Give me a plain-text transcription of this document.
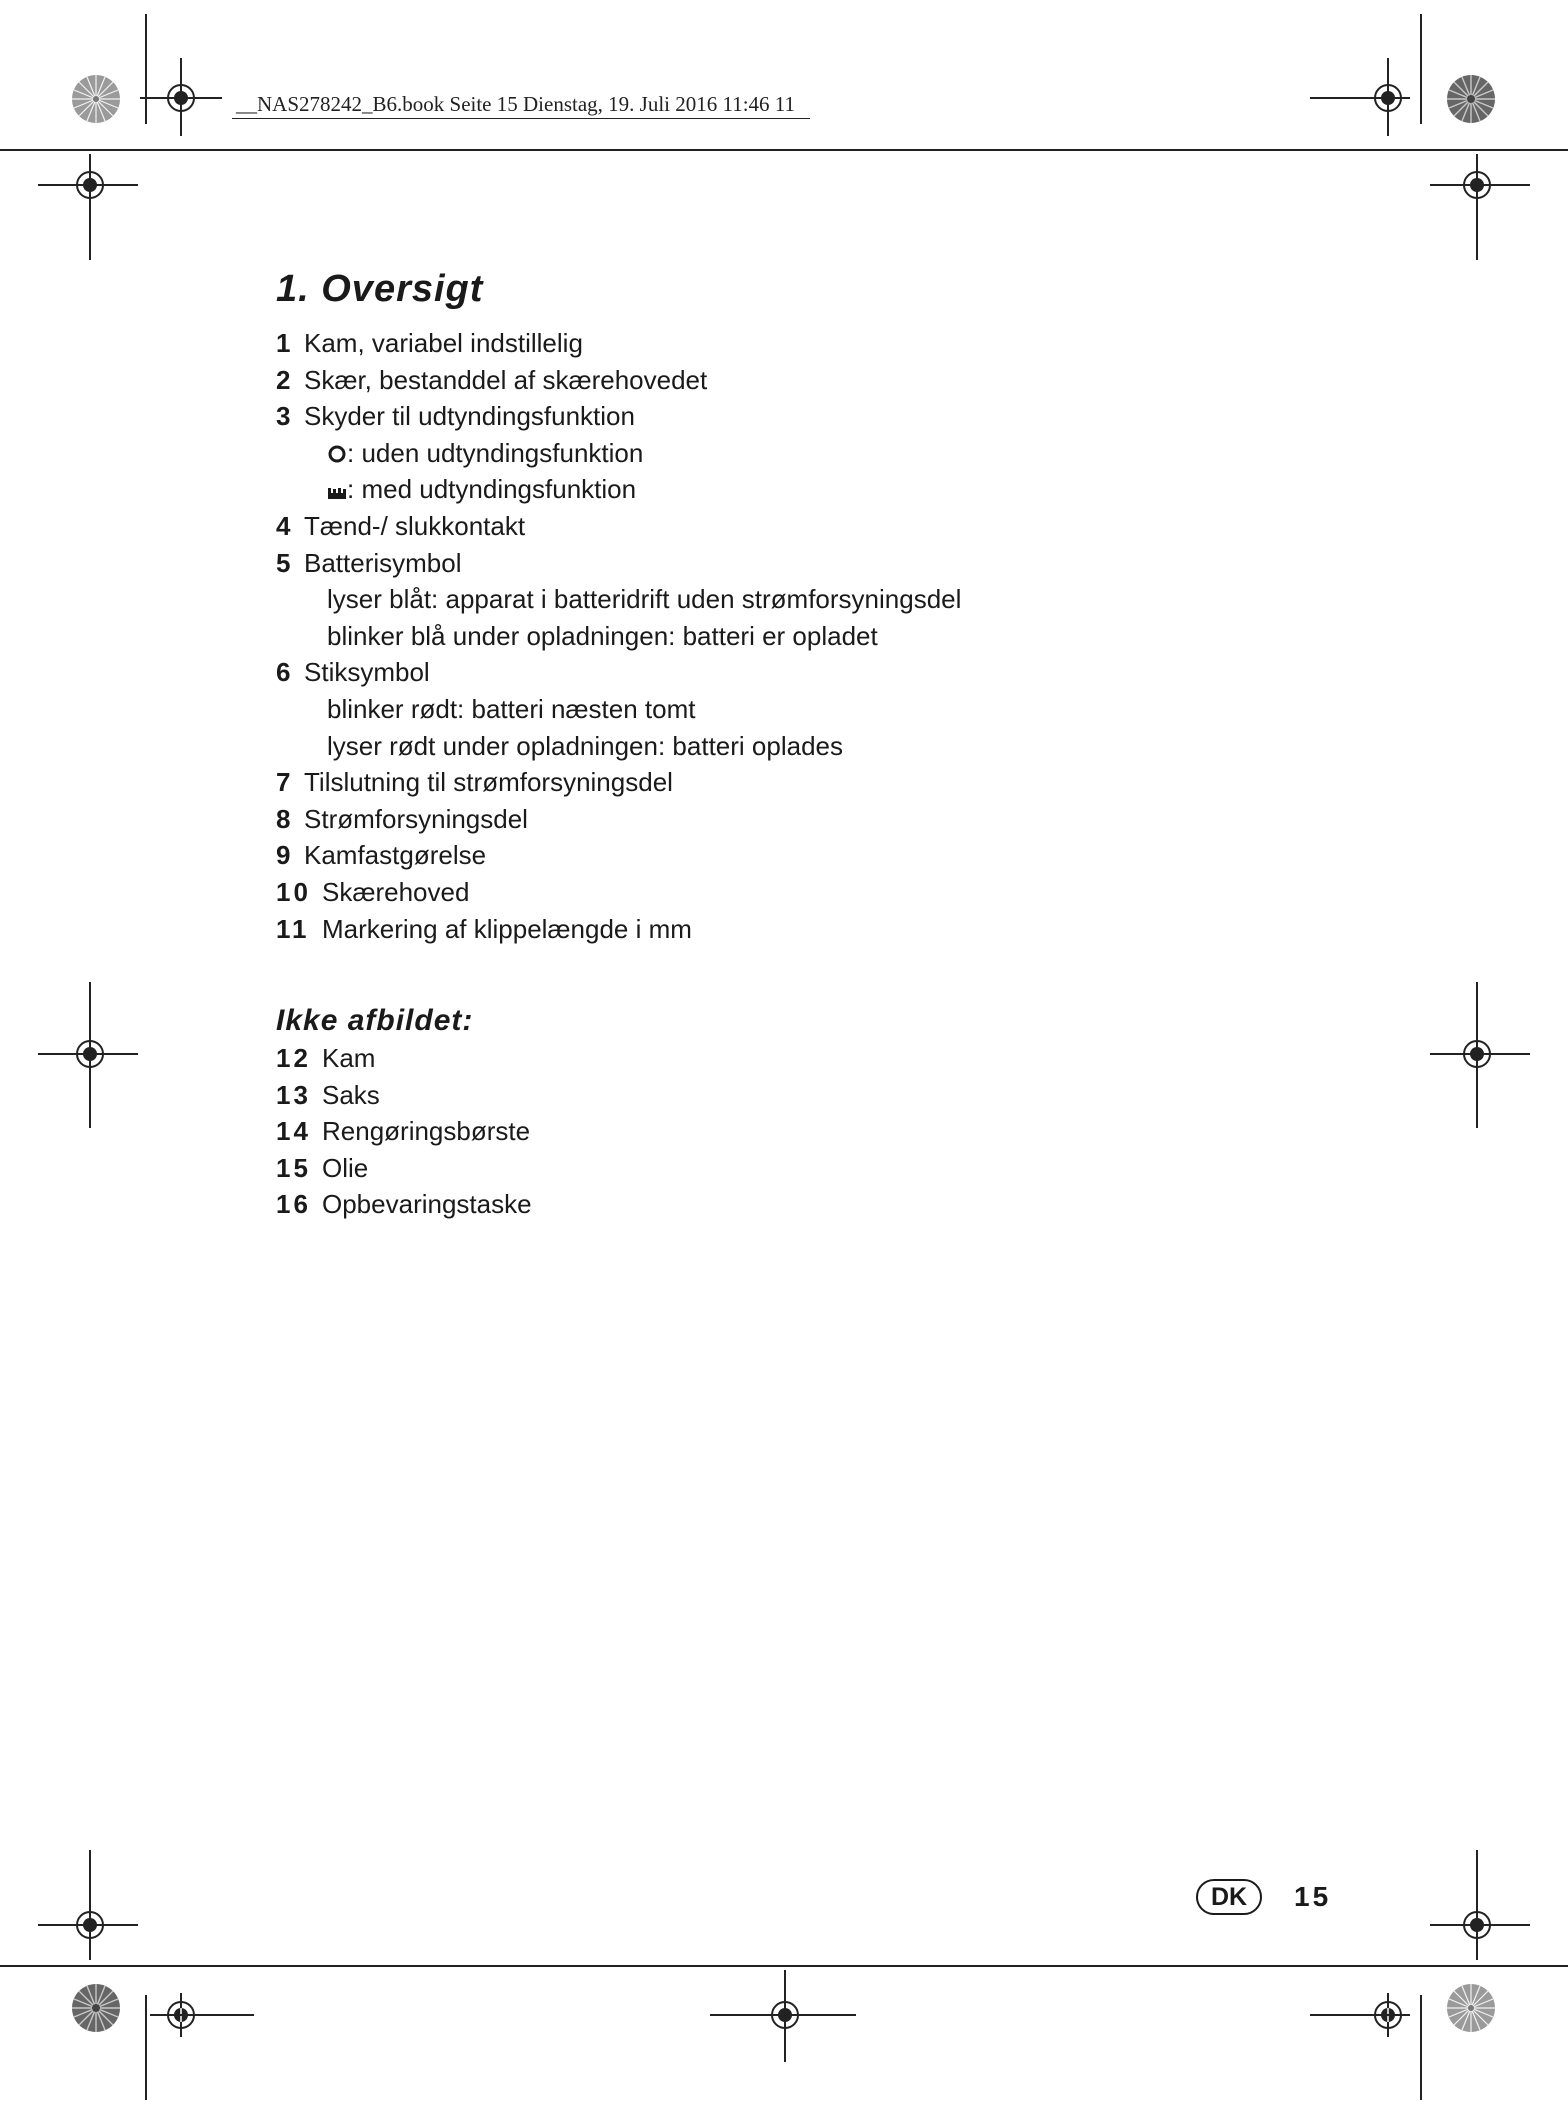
__NAS278242_B6.book Seite 15 Dienstag, 19. Juli 2016 11:46 11
1. Oversigt
1 Kam, variabel indstillelig
2 Skær, bestanddel af skærehovedet
3 Skyder til udtyndingsfunktion
: uden udtyndingsfunktion
: med udtyndingsfunktion
4 Tænd-/ slukkontakt
5 Batterisymbol
lyser blåt: apparat i batteridrift uden strømforsyningsdel
blinker blå under opladningen: batteri er opladet
6 Stiksymbol
blinker rødt: batteri næsten tomt
lyser rødt under opladningen: batteri oplades
7 Tilslutning til strømforsyningsdel
8 Strømforsyningsdel
9 Kamfastgørelse
10 Skærehoved
11 Markering af klippelængde i mm
Ikke afbildet:
12 Kam
13 Saks
14 Rengøringsbørste
15 Olie
16 Opbevaringstaske
DK	15
